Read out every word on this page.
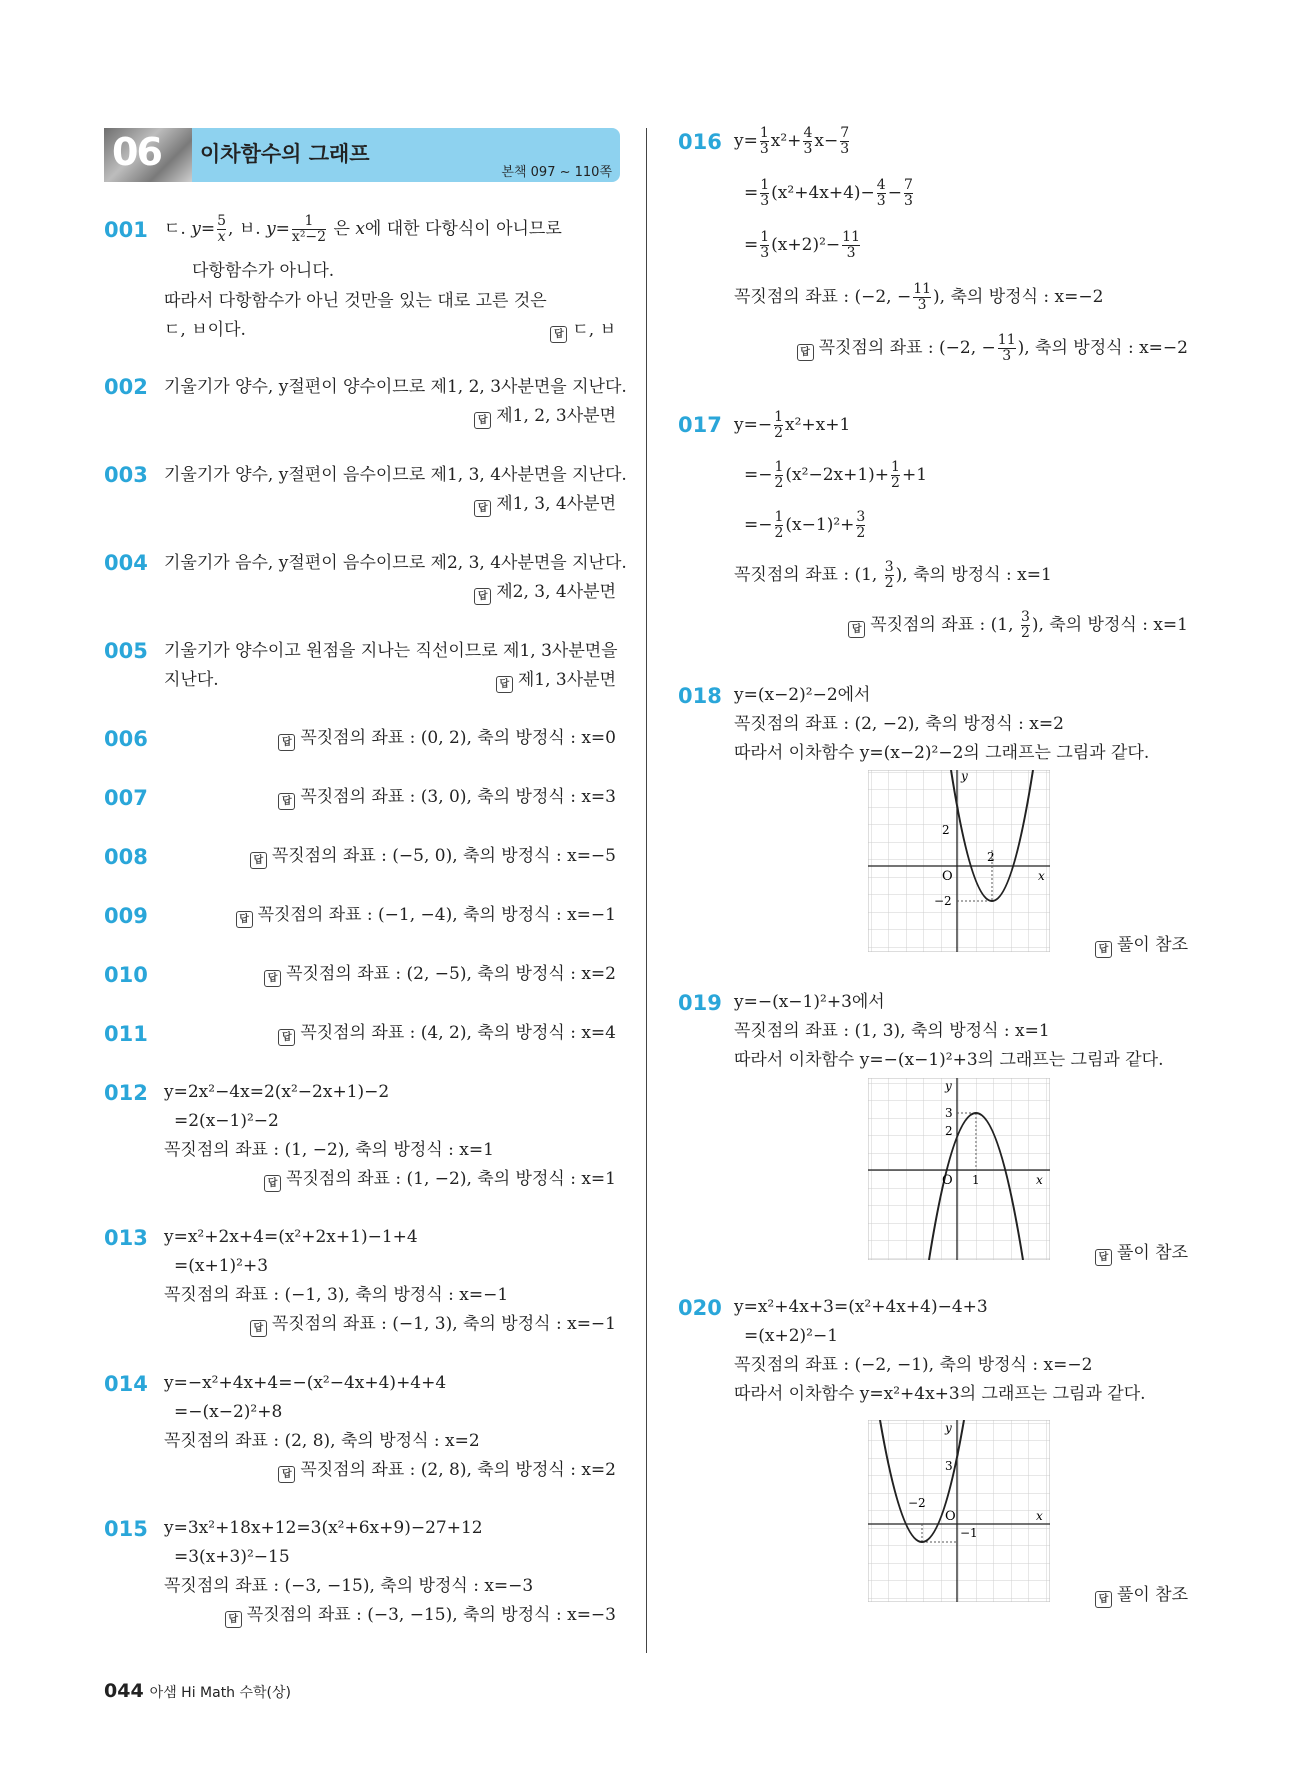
06 이차함수의 그래프
본책 097 ~ 110쪽
001 ㄷ. $y= \frac{5}{x}$ , ㅂ. $y= \frac{1}{\text{x²−2}}$ 은 x에 대한 다항식이 아니므로
다항함수가 아니다.
따라서 다항함수가 아닌 것만을 있는 대로 고른 것은
ㄷ, ㅂ이다.	답 ㄷ, ㅂ
002 기울기가 양수, y절편이 양수이므로 제1, 2, 3사분면을 지난다.
답 제1, 2, 3사분면
003 기울기가 양수, y절편이 음수이므로 제1, 3, 4사분면을 지난다.
답 제1, 3, 4사분면
004 기울기가 음수, y절편이 음수이므로 제2, 3, 4사분면을 지난다.
답 제2, 3, 4사분면
005 기울기가 양수이고 원점을 지나는 직선이므로 제1, 3사분면을
지난다.	답 제1, 3사분면
006	답 꼭짓점의 좌표 : (0, 2), 축의 방정식 : x=0
007	답 꼭짓점의 좌표 : (3, 0), 축의 방정식 : x=3
008	답 꼭짓점의 좌표 : (−5, 0), 축의 방정식 : x=−5
009	답 꼭짓점의 좌표 : (−1, −4), 축의 방정식 : x=−1
010	답 꼭짓점의 좌표 : (2, −5), 축의 방정식 : x=2
011	답 꼭짓점의 좌표 : (4, 2), 축의 방정식 : x=4
012 y=2x²−4x=2(x²−2x+1)−2
=2(x−1)²−2
꼭짓점의 좌표 : (1, −2), 축의 방정식 : x=1
답 꼭짓점의 좌표 : (1, −2), 축의 방정식 : x=1
013 y=x²+2x+4=(x²+2x+1)−1+4
=(x+1)²+3
꼭짓점의 좌표 : (−1, 3), 축의 방정식 : x=−1
답 꼭짓점의 좌표 : (−1, 3), 축의 방정식 : x=−1
014 y=−x²+4x+4=−(x²−4x+4)+4+4
=−(x−2)²+8
꼭짓점의 좌표 : (2, 8), 축의 방정식 : x=2
답 꼭짓점의 좌표 : (2, 8), 축의 방정식 : x=2
015 y=3x²+18x+12=3(x²+6x+9)−27+12
=3(x+3)²−15
꼭짓점의 좌표 : (−3, −15), 축의 방정식 : x=−3
답 꼭짓점의 좌표 : (−3, −15), 축의 방정식 : x=−3
016 $y= \frac{1}{3} x^2+ \frac{4}{3} x- \frac{7}{3}$
= $\frac{1}{3} (x^2+4x+4)- \frac{4}{3} - \frac{7}{3}$
= $\frac{1}{3} (x+2)^2- \frac{11}{3}$
꼭짓점의 좌표 : (−2, − $\frac{11}{3}$ ), 축의 방정식 : x=−2
답 꼭짓점의 좌표 : (−2, − $\frac{11}{3}$ ), 축의 방정식 : x=−2
017 $y=- \frac{1}{2} x^2+x+1$
=− $\frac{1}{2} (x^2-2x+1)+ \frac{1}{2} +1$
=− $\frac{1}{2} (x-1)^2+ \frac{3}{2}$
꼭짓점의 좌표 : (1, $\frac{3}{2}$ ), 축의 방정식 : x=1
답 꼭짓점의 좌표 : (1, $\frac{3}{2}$ ), 축의 방정식 : x=1
018 y=(x−2)²−2에서
꼭짓점의 좌표 : (2, −2), 축의 방정식 : x=2
따라서 이차함수 y=(x−2)²−2의 그래프는 그림과 같다.
y
x
O
2
2
−2
답 풀이 참조
019 y=−(x−1)²+3에서
꼭짓점의 좌표 : (1, 3), 축의 방정식 : x=1
따라서 이차함수 y=−(x−1)²+3의 그래프는 그림과 같다.
y
x
O 1
3
2
답 풀이 참조
020 y=x²+4x+3=(x²+4x+4)−4+3
=(x+2)²−1
꼭짓점의 좌표 : (−2, −1), 축의 방정식 : x=−2
따라서 이차함수 y=x²+4x+3의 그래프는 그림과 같다.
y
x
O
−2
3
−1
답 풀이 참조
044 아샘 Hi Math 수학(상)
